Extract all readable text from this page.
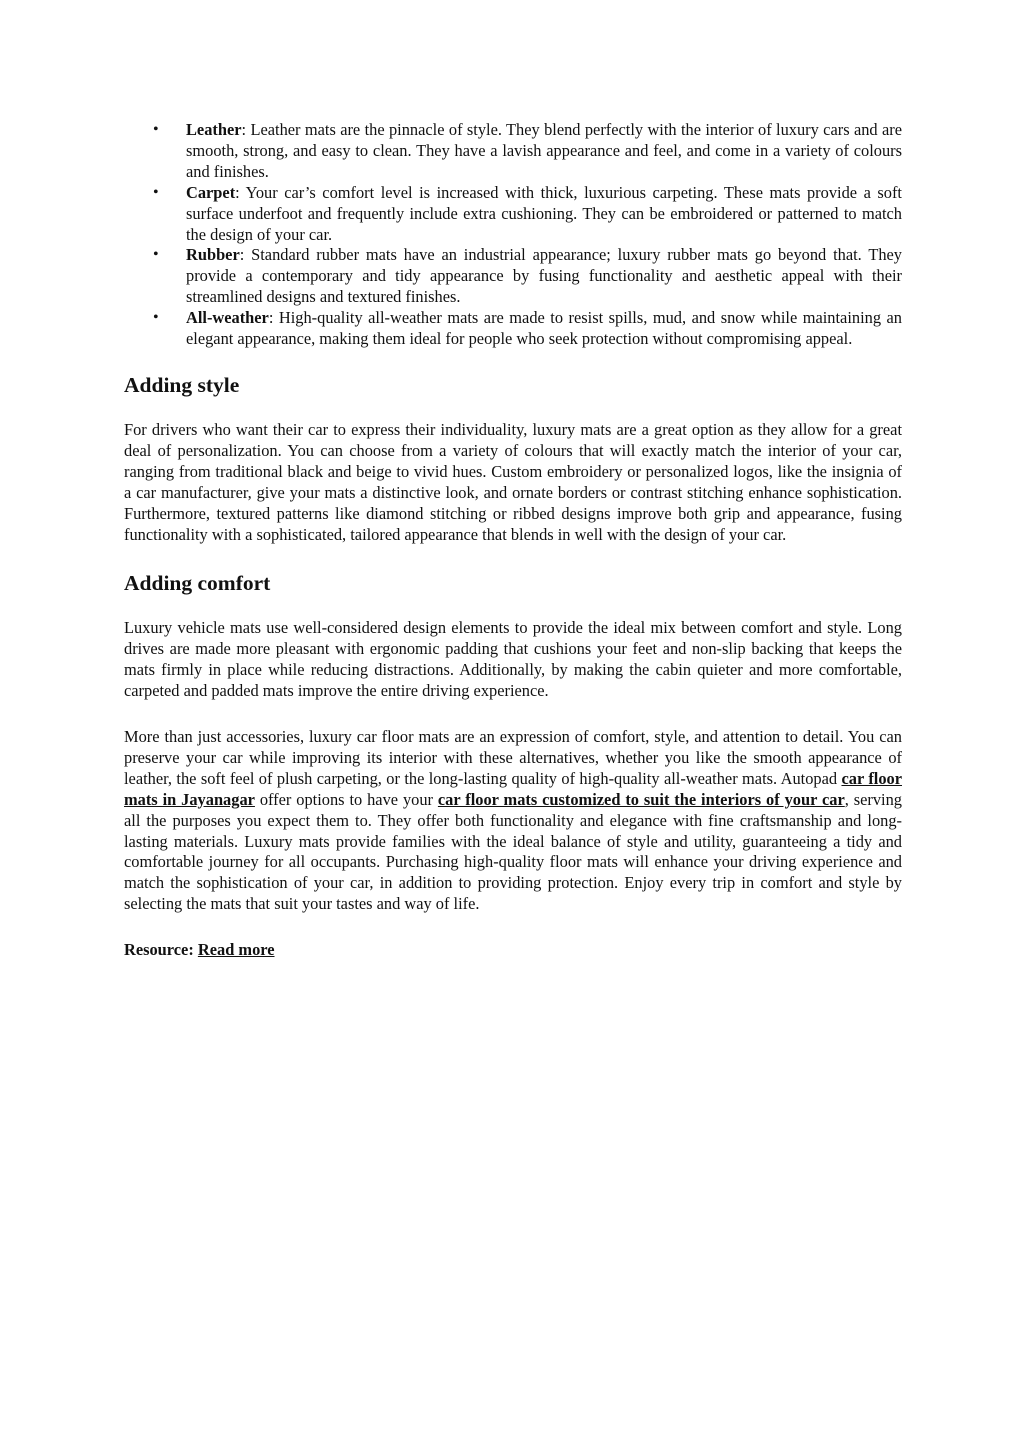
• Leather: Leather mats are the pinnacle of style. They blend perfectly with the interior of luxury cars and are smooth, strong, and easy to clean. They have a lavish appearance and feel, and come in a variety of colours and finishes.
• Carpet: Your car’s comfort level is increased with thick, luxurious carpeting. These mats provide a soft surface underfoot and frequently include extra cushioning. They can be embroidered or patterned to match the design of your car.
• Rubber: Standard rubber mats have an industrial appearance; luxury rubber mats go beyond that. They provide a contemporary and tidy appearance by fusing functionality and aesthetic appeal with their streamlined designs and textured finishes.
• All-weather: High-quality all-weather mats are made to resist spills, mud, and snow while maintaining an elegant appearance, making them ideal for people who seek protection without compromising appeal.
Adding style

For drivers who want their car to express their individuality, luxury mats are a great option as they allow for a great deal of personalization. You can choose from a variety of colours that will exactly match the interior of your car, ranging from traditional black and beige to vivid hues. Custom embroidery or personalized logos, like the insignia of a car manufacturer, give your mats a distinctive look, and ornate borders or contrast stitching enhance sophistication. Furthermore, textured patterns like diamond stitching or ribbed designs improve both grip and appearance, fusing functionality with a sophisticated, tailored appearance that blends in well with the design of your car.

Adding comfort

Luxury vehicle mats use well-considered design elements to provide the ideal mix between comfort and style. Long drives are made more pleasant with ergonomic padding that cushions your feet and non-slip backing that keeps the mats firmly in place while reducing distractions. Additionally, by making the cabin quieter and more comfortable, carpeted and padded mats improve the entire driving experience.

More than just accessories, luxury car floor mats are an expression of comfort, style, and attention to detail. You can preserve your car while improving its interior with these alternatives, whether you like the smooth appearance of leather, the soft feel of plush carpeting, or the long-lasting quality of high-quality all-weather mats. Autopad car floor mats in Jayanagar offer options to have your car floor mats customized to suit the interiors of your car, serving all the purposes you expect them to. They offer both functionality and elegance with fine craftsmanship and long-lasting materials. Luxury mats provide families with the ideal balance of style and utility, guaranteeing a tidy and comfortable journey for all occupants. Purchasing high-quality floor mats will enhance your driving experience and match the sophistication of your car, in addition to providing protection. Enjoy every trip in comfort and style by selecting the mats that suit your tastes and way of life.

Resource: Read more
